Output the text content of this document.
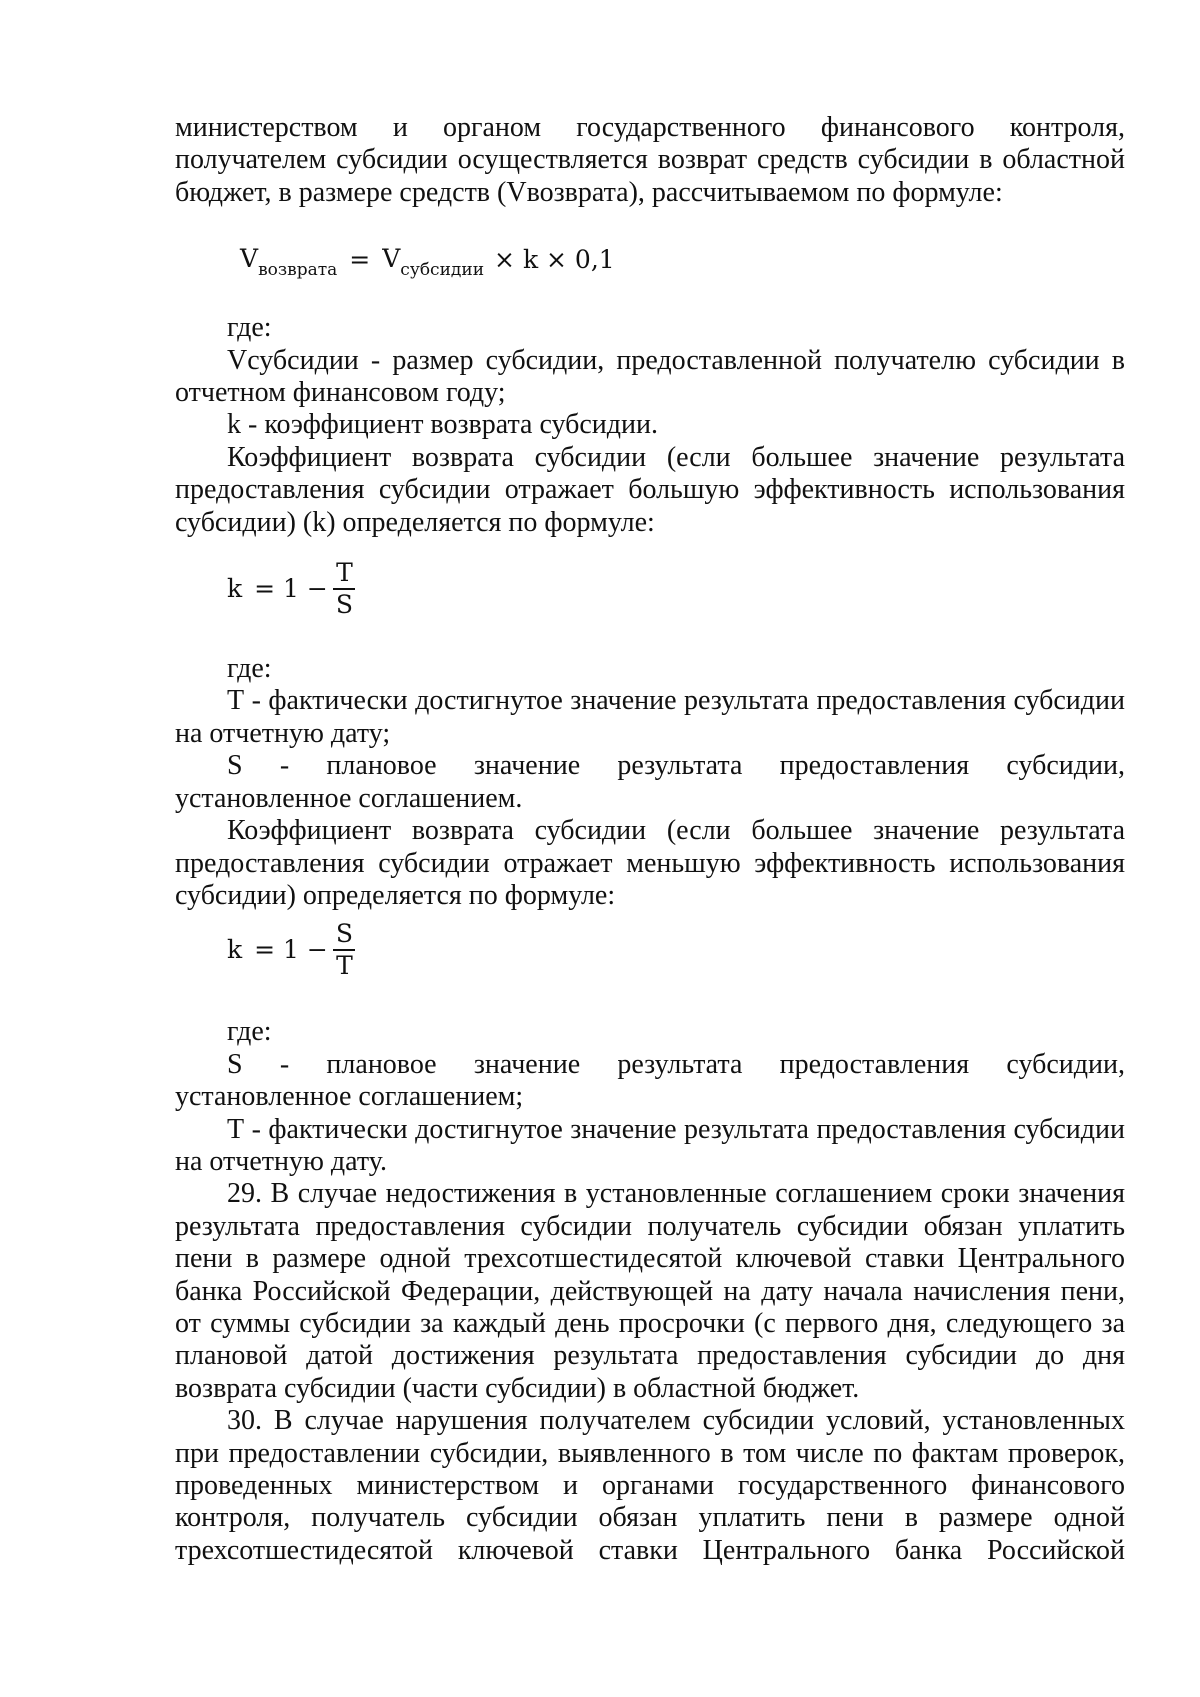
министерством и органом государственного финансового контроля, получателем субсидии осуществляется возврат средств субсидии в областной бюджет, в размере средств (Vвозврата), рассчитываемом по формуле:

$V_{возврата} = V_{субсидии} \times k \times 0,1$

где:

Vсубсидии - размер субсидии, предоставленной получателю субсидии в отчетном финансовом году;

k - коэффициент возврата субсидии.

Коэффициент возврата субсидии (если большее значение результата предоставления субсидии отражает большую эффективность использования субсидии) (k) определяется по формуле:

$k = 1 - \frac{T}{S}$

где:

Т - фактически достигнутое значение результата предоставления субсидии на отчетную дату;

S - плановое значение результата предоставления субсидии, установленное соглашением.

Коэффициент возврата субсидии (если большее значение результата предоставления субсидии отражает меньшую эффективность использования субсидии) определяется по формуле:

$k = 1 - \frac{S}{T}$

где:

S - плановое значение результата предоставления субсидии, установленное соглашением;

Т - фактически достигнутое значение результата предоставления субсидии на отчетную дату.

29. В случае недостижения в установленные соглашением сроки значения результата предоставления субсидии получатель субсидии обязан уплатить пени в размере одной трехсотшестидесятой ключевой ставки Центрального банка Российской Федерации, действующей на дату начала начисления пени, от суммы субсидии за каждый день просрочки (с первого дня, следующего за плановой датой достижения результата предоставления субсидии до дня возврата субсидии (части субсидии) в областной бюджет.

30. В случае нарушения получателем субсидии условий, установленных при предоставлении субсидии, выявленного в том числе по фактам проверок, проведенных министерством и органами государственного финансового контроля, получатель субсидии обязан уплатить пени в размере одной трехсотшестидесятой ключевой ставки Центрального банка Российской
